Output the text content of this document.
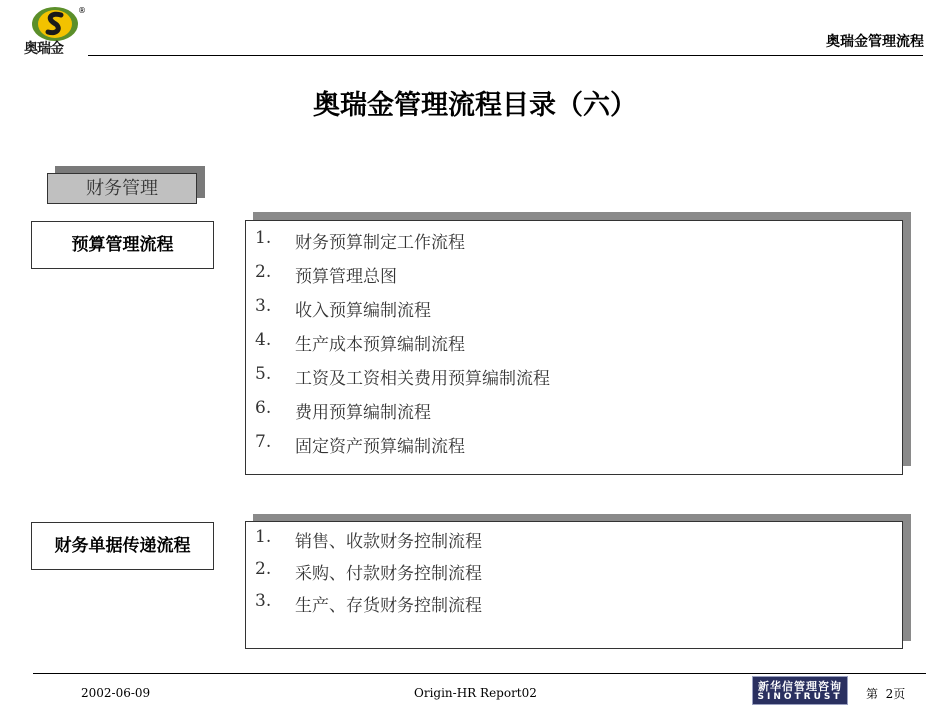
®
奥瑞金	奥瑞金管理流程
奥瑞金管理流程目录（六）
财务管理
预算管理流程	1.	财务预算制定工作流程
2.	预算管理总图
3.	收入预算编制流程
4.	生产成本预算编制流程
5.	工资及工资相关费用预算编制流程
6.	费用预算编制流程
7.	固定资产预算编制流程
财务单据传递流程	1.	销售、收款财务控制流程
2.	采购、付款财务控制流程
3.	生产、存货财务控制流程
2002-06-09	Origin-HR Report02	新华信管理咨询
SINOTRUST	第  2页
